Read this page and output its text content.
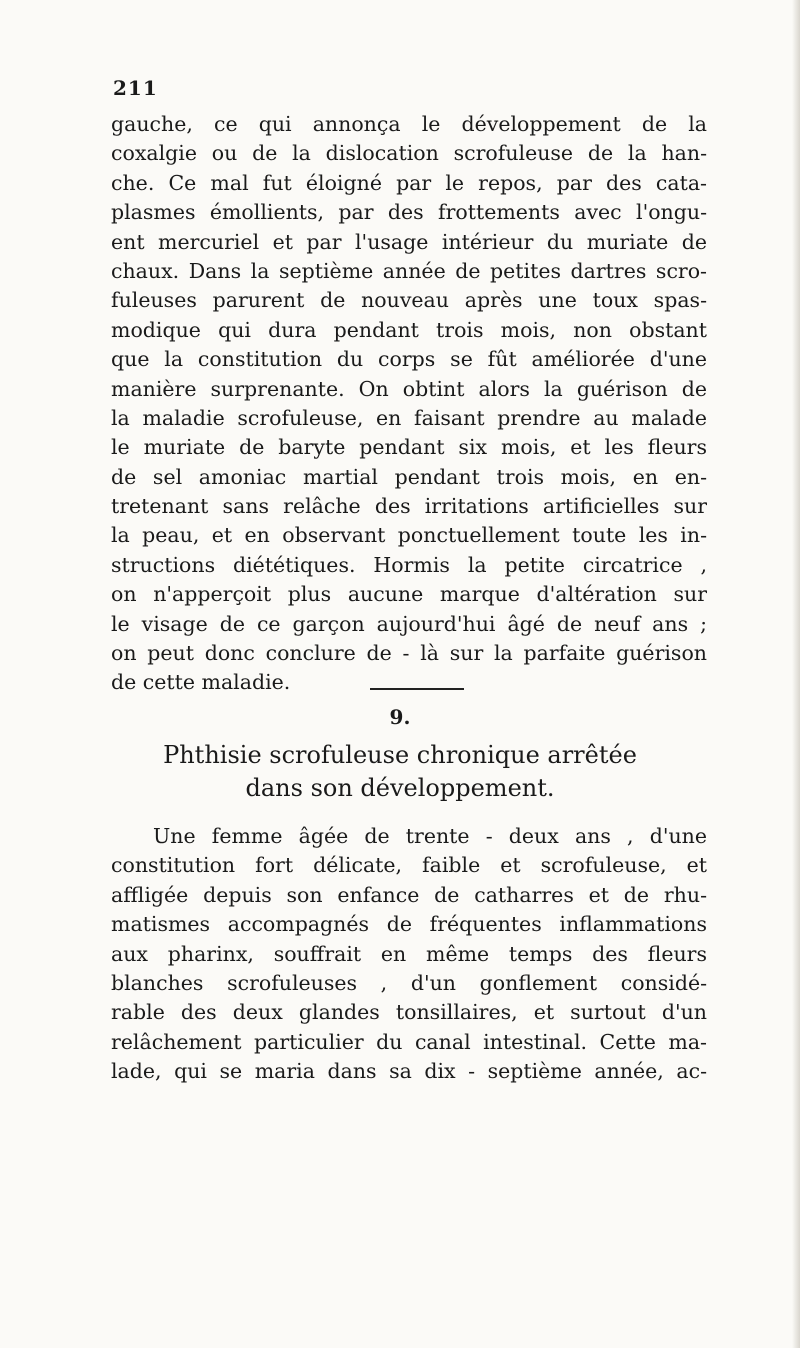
211
gauche, ce qui annonça le développement de la
coxalgie ou de la dislocation scrofuleuse de la han-
che. Ce mal fut éloigné par le repos, par des cata-
plasmes émollients, par des frottements avec l'ongu-
ent mercuriel et par l'usage intérieur du muriate de
chaux. Dans la septième année de petites dartres scro-
fuleuses parurent de nouveau après une toux spas-
modique qui dura pendant trois mois, non obstant
que la constitution du corps se fût améliorée d'une
manière surprenante. On obtint alors la guérison de
la maladie scrofuleuse, en faisant prendre au malade
le muriate de baryte pendant six mois, et les fleurs
de sel amoniac martial pendant trois mois, en en-
tretenant sans relâche des irritations artificielles sur
la peau, et en observant ponctuellement toute les in-
structions diététiques. Hormis la petite circatrice ,
on n'apperçoit plus aucune marque d'altération sur
le visage de ce garçon aujourd'hui âgé de neuf ans ;
on peut donc conclure de - là sur la parfaite guérison
de cette maladie.
9.
Phthisie scrofuleuse chronique arrêtée
dans son développement.
Une femme âgée de trente - deux ans , d'une
constitution fort délicate, faible et scrofuleuse, et
affligée depuis son enfance de catharres et de rhu-
matismes accompagnés de fréquentes inflammations
aux pharinx, souffrait en même temps des fleurs
blanches scrofuleuses , d'un gonflement considé-
rable des deux glandes tonsillaires, et surtout d'un
relâchement particulier du canal intestinal. Cette ma-
lade, qui se maria dans sa dix - septième année, ac-
